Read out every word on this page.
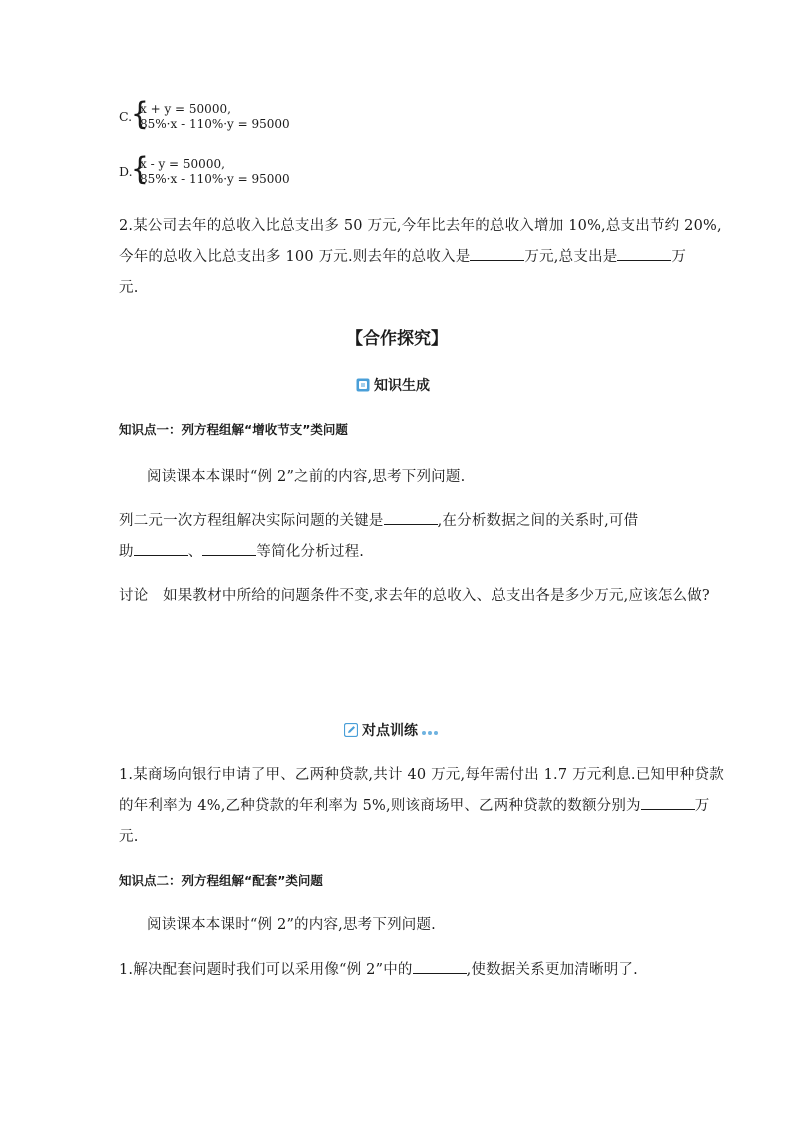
C.
{
x + y = 50000,
85%·x - 110%·y = 95000
D.
{
x - y = 50000,
85%·x - 110%·y = 95000
2.某公司去年的总收入比总支出多 50 万元,今年比去年的总收入增加 10%,总支出节约 20%,
今年的总收入比总支出多 100 万元.则去年的总收入是	万元,总支出是	万
元.
【合作探究】
知识生成
知识点一：列方程组解“增收节支”类问题
阅读课本本课时“例 2”之前的内容,思考下列问题.
列二元一次方程组解决实际问题的关键是	,在分析数据之间的关系时,可借
助	、	等简化分析过程.
讨论　如果教材中所给的问题条件不变,求去年的总收入、总支出各是多少万元,应该怎么做?
对点训练
1.某商场向银行申请了甲、乙两种贷款,共计 40 万元,每年需付出 1.7 万元利息.已知甲种贷款
的年利率为 4%,乙种贷款的年利率为 5%,则该商场甲、乙两种贷款的数额分别为	万
元.
知识点二：列方程组解“配套”类问题
阅读课本本课时“例 2”的内容,思考下列问题.
1.解决配套问题时我们可以采用像“例 2”中的	,使数据关系更加清晰明了.
